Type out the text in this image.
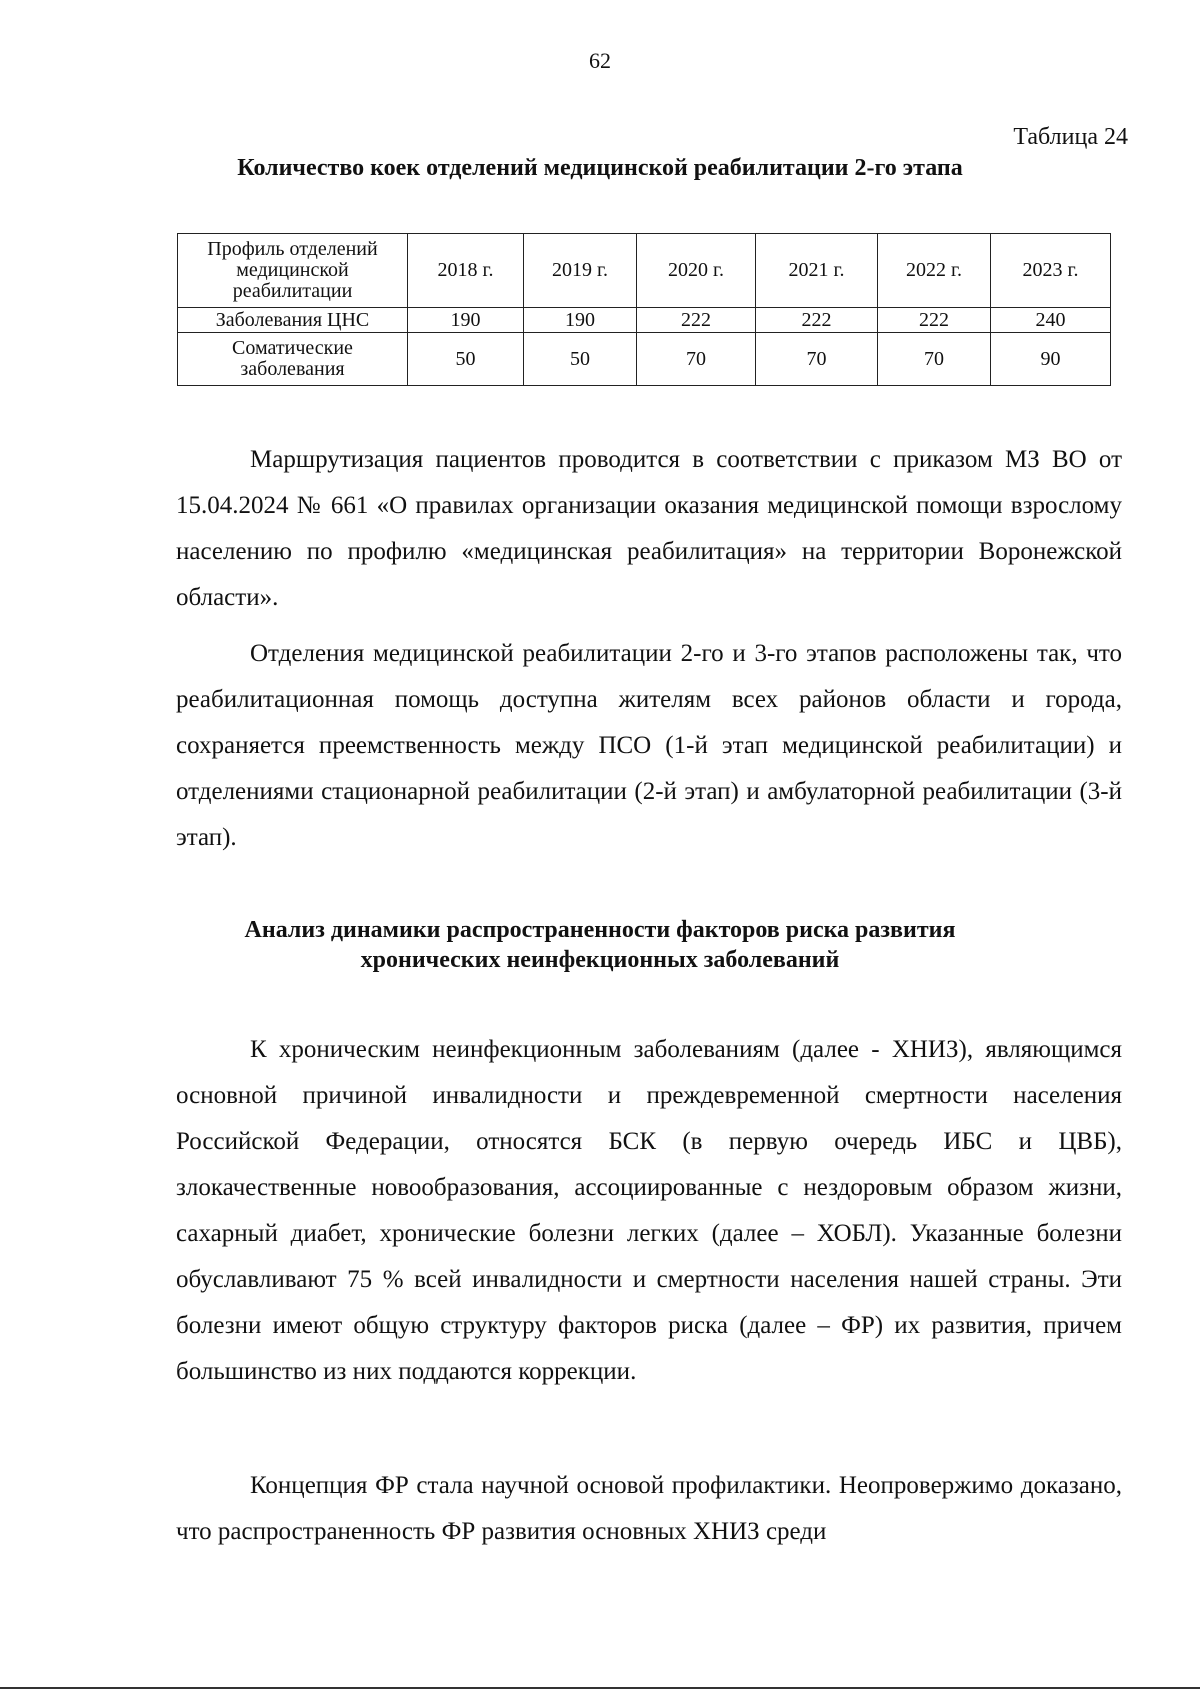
62
Таблица 24
Количество коек отделений медицинской реабилитации 2-го этапа
Профиль отделений медицинской реабилитации	2018 г.	2019 г.	2020 г.	2021 г.	2022 г.	2023 г.
Заболевания ЦНС	190	190	222	222	222	240
Соматические заболевания	50	50	70	70	70	90

Маршрутизация пациентов проводится в соответствии с приказом МЗ ВО от 15.04.2024 № 661 «О правилах организации оказания медицинской помощи взрослому населению по профилю «медицинская реабилитация» на территории Воронежской области».

Отделения медицинской реабилитации 2-го и 3-го этапов расположены так, что реабилитационная помощь доступна жителям всех районов области и города, сохраняется преемственность между ПСО (1-й этап медицинской реабилитации) и отделениями стационарной реабилитации (2-й этап) и амбулаторной реабилитации (3-й этап).

Анализ динамики распространенности факторов риска развития
хронических неинфекционных заболеваний

К хроническим неинфекционным заболеваниям (далее - ХНИЗ), являющимся основной причиной инвалидности и преждевременной смертности населения Российской Федерации, относятся БСК (в первую очередь ИБС и ЦВБ), злокачественные новообразования, ассоциированные с нездоровым образом жизни, сахарный диабет, хронические болезни легких (далее – ХОБЛ). Указанные болезни обуславливают 75 % всей инвалидности и смертности населения нашей страны. Эти болезни имеют общую структуру факторов риска (далее – ФР) их развития, причем большинство из них поддаются коррекции.

Концепция ФР стала научной основой профилактики. Неопровержимо доказано, что распространенность ФР развития основных ХНИЗ среди
